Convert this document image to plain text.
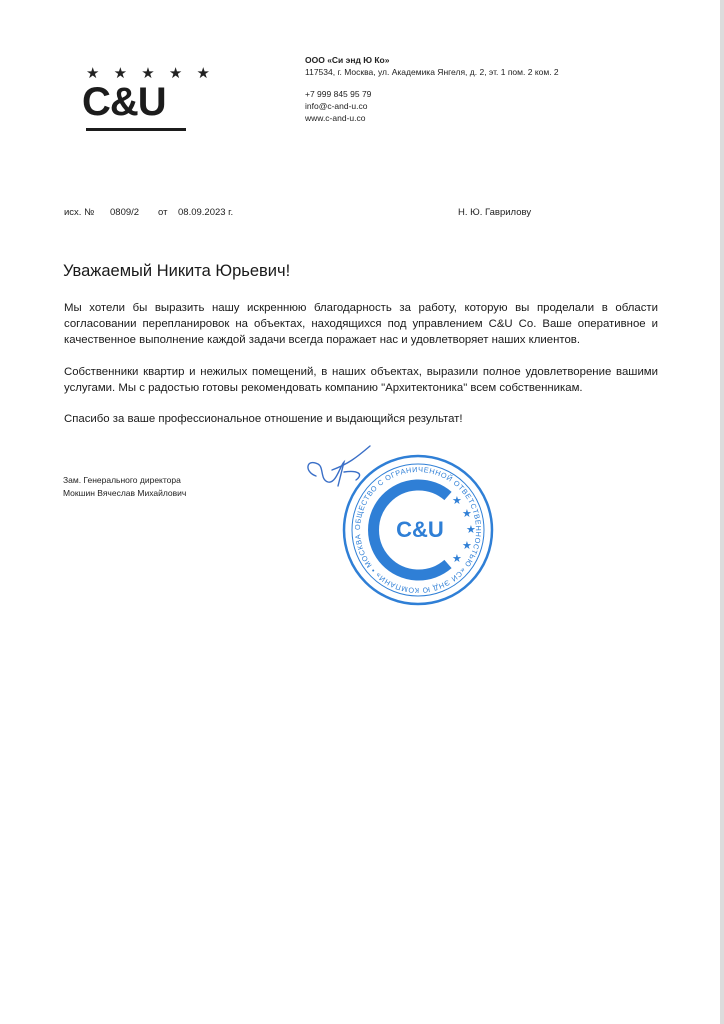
★ ★ ★ ★ ★
C&U
ООО «Си энд Ю Ко»
117534, г. Москва, ул. Академика Янгеля, д. 2, эт. 1 пом. 2 ком. 2
+7 999 845 95 79
info@c-and-u.co
www.c-and-u.co
исх. № 0809/2 от 08.09.2023 г.	Н. Ю. Гаврилову
Уважаемый Никита Юрьевич!
Мы хотели бы выразить нашу искреннюю благодарность за работу, которую вы проделали в области согласовании перепланировок на объектах, находящихся под управлением C&U Co. Ваше оперативное и качественное выполнение каждой задачи всегда поражает нас и удовлетворяет наших клиентов.
Собственники квартир и нежилых помещений, в наших объектах, выразили полное удовлетворение вашими услугами. Мы с радостью готовы рекомендовать компанию "Архитектоника" всем собственникам.
Спасибо за ваше профессиональное отношение и выдающийся результат!
Зам. Генерального директора
Мокшин Вячеслав Михайлович
ОБЩЕСТВО С ОГРАНИЧЕННОЙ ОТВЕТСТВЕННОСТЬЮ «СИ ЭНД Ю КОМПАНИ» • МОСКВА	C&U
★
★
★
★
★
